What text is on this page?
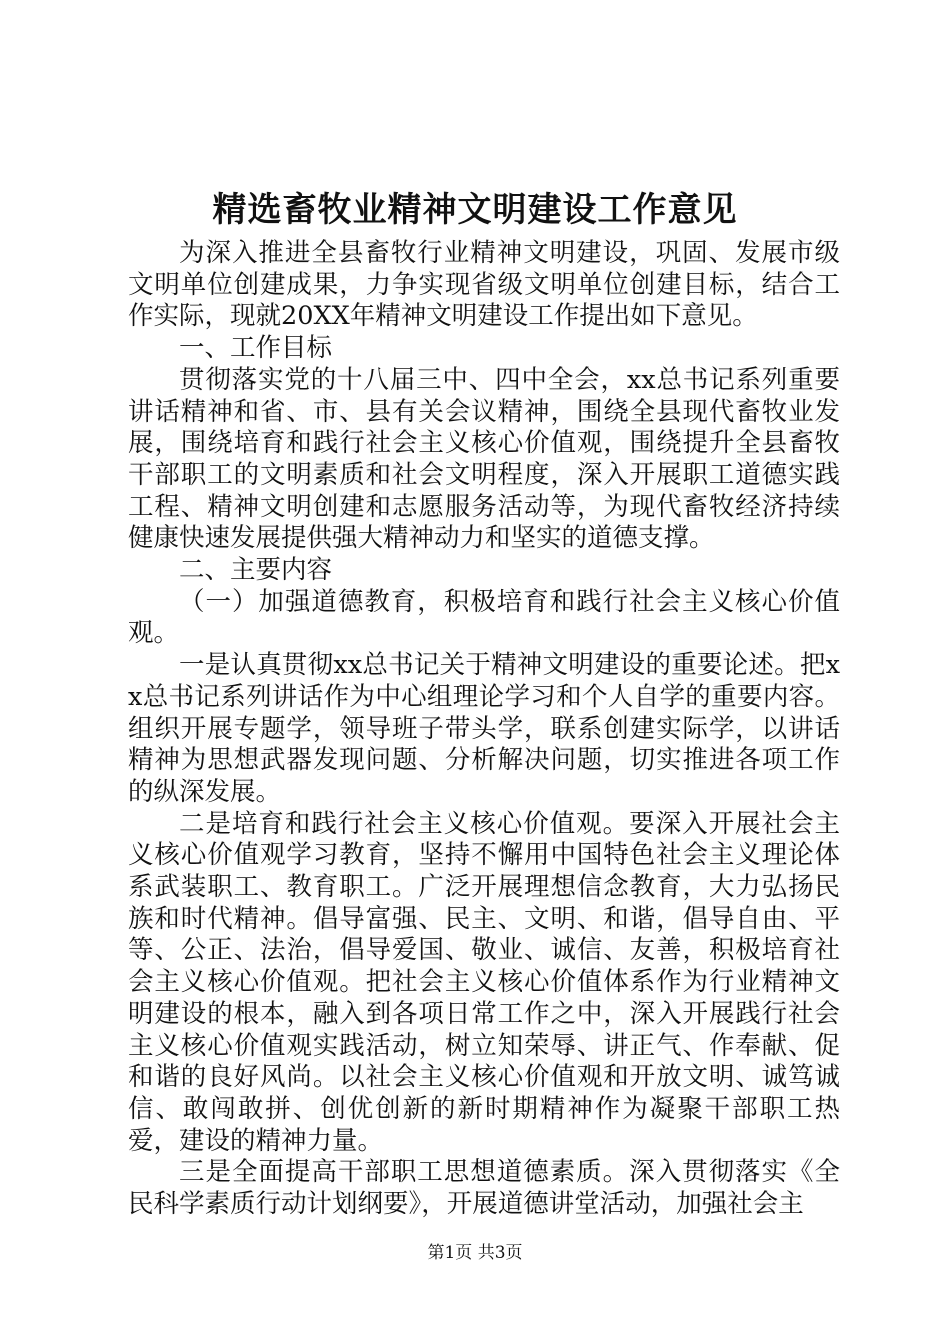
精选畜牧业精神文明建设工作意见

为深入推进全县畜牧行业精神文明建设，巩固、发展市级文明单位创建成果，力争实现省级文明单位创建目标，结合工作实际，现就20XX年精神文明建设工作提出如下意见。

一、工作目标

贯彻落实党的十八届三中、四中全会，xx总书记系列重要讲话精神和省、市、县有关会议精神，围绕全县现代畜牧业发展，围绕培育和践行社会主义核心价值观，围绕提升全县畜牧干部职工的文明素质和社会文明程度，深入开展职工道德实践工程、精神文明创建和志愿服务活动等，为现代畜牧经济持续健康快速发展提供强大精神动力和坚实的道德支撑。

二、主要内容

（一）加强道德教育，积极培育和践行社会主义核心价值观。

一是认真贯彻xx总书记关于精神文明建设的重要论述。把xx总书记系列讲话作为中心组理论学习和个人自学的重要内容。组织开展专题学，领导班子带头学，联系创建实际学，以讲话精神为思想武器发现问题、分析解决问题，切实推进各项工作的纵深发展。

二是培育和践行社会主义核心价值观。要深入开展社会主义核心价值观学习教育，坚持不懈用中国特色社会主义理论体系武装职工、教育职工。广泛开展理想信念教育，大力弘扬民族和时代精神。倡导富强、民主、文明、和谐，倡导自由、平等、公正、法治，倡导爱国、敬业、诚信、友善，积极培育社会主义核心价值观。把社会主义核心价值体系作为行业精神文明建设的根本，融入到各项日常工作之中，深入开展践行社会主义核心价值观实践活动，树立知荣辱、讲正气、作奉献、促和谐的良好风尚。以社会主义核心价值观和开放文明、诚笃诚信、敢闯敢拼、创优创新的新时期精神作为凝聚干部职工热爱，建设的精神力量。

三是全面提高干部职工思想道德素质。深入贯彻落实《全民科学素质行动计划纲要》，开展道德讲堂活动，加强社会主

第1页 共3页
